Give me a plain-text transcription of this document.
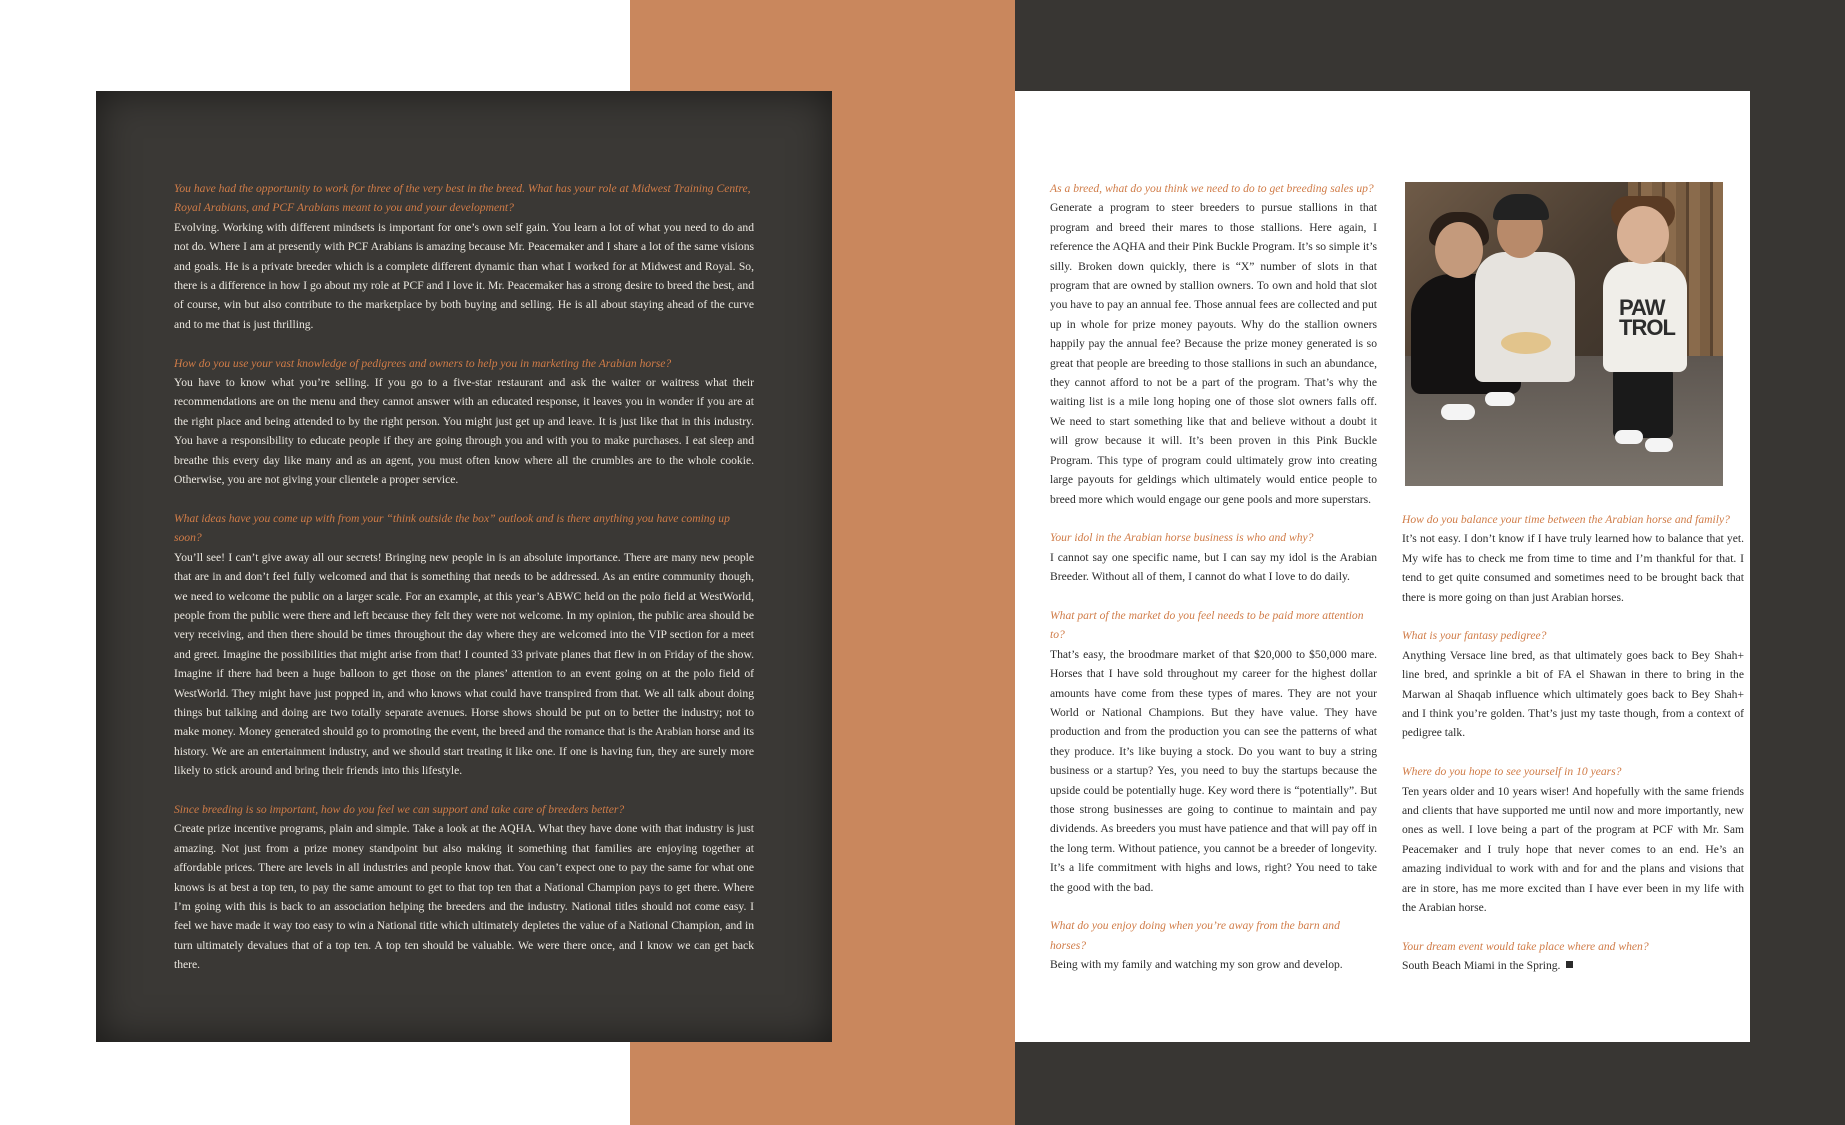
You have had the opportunity to work for three of the very best in the breed. What has your role at Midwest Training Centre, Royal Arabians, and PCF Arabians meant to you and your development?

Evolving. Working with different mindsets is important for one’s own self gain. You learn a lot of what you need to do and not do. Where I am at presently with PCF Arabians is amazing because Mr. Peacemaker and I share a lot of the same visions and goals. He is a private breeder which is a complete different dynamic than what I worked for at Midwest and Royal. So, there is a difference in how I go about my role at PCF and I love it. Mr. Peacemaker has a strong desire to breed the best, and of course, win but also contribute to the marketplace by both buying and selling. He is all about staying ahead of the curve and to me that is just thrilling.

How do you use your vast knowledge of pedigrees and owners to help you in marketing the Arabian horse?

You have to know what you’re selling. If you go to a five-star restaurant and ask the waiter or waitress what their recommendations are on the menu and they cannot answer with an educated response, it leaves you in wonder if you are at the right place and being attended to by the right person. You might just get up and leave. It is just like that in this industry. You have a responsibility to educate people if they are going through you and with you to make purchases. I eat sleep and breathe this every day like many and as an agent, you must often know where all the crumbles are to the whole cookie. Otherwise, you are not giving your clientele a proper service.

What ideas have you come up with from your “think outside the box” outlook and is there anything you have coming up soon?

You’ll see! I can’t give away all our secrets! Bringing new people in is an absolute importance. There are many new people that are in and don’t feel fully welcomed and that is something that needs to be addressed. As an entire community though, we need to welcome the public on a larger scale. For an example, at this year’s ABWC held on the polo field at WestWorld, people from the public were there and left because they felt they were not welcome. In my opinion, the public area should be very receiving, and then there should be times throughout the day where they are welcomed into the VIP section for a meet and greet. Imagine the possibilities that might arise from that! I counted 33 private planes that flew in on Friday of the show. Imagine if there had been a huge balloon to get those on the planes’ attention to an event going on at the polo field of WestWorld. They might have just popped in, and who knows what could have transpired from that. We all talk about doing things but talking and doing are two totally separate avenues. Horse shows should be put on to better the industry; not to make money. Money generated should go to promoting the event, the breed and the romance that is the Arabian horse and its history. We are an entertainment industry, and we should start treating it like one. If one is having fun, they are surely more likely to stick around and bring their friends into this lifestyle.

Since breeding is so important, how do you feel we can support and take care of breeders better?

Create prize incentive programs, plain and simple. Take a look at the AQHA. What they have done with that industry is just amazing. Not just from a prize money standpoint but also making it something that families are enjoying together at affordable prices. There are levels in all industries and people know that. You can’t expect one to pay the same for what one knows is at best a top ten, to pay the same amount to get to that top ten that a National Champion pays to get there. Where I’m going with this is back to an association helping the breeders and the industry. National titles should not come easy. I feel we have made it way too easy to win a National title which ultimately depletes the value of a National Champion, and in turn ultimately devalues that of a top ten. A top ten should be valuable. We were there once, and I know we can get back there.

As a breed, what do you think we need to do to get breeding sales up?

Generate a program to steer breeders to pursue stallions in that program and breed their mares to those stallions. Here again, I reference the AQHA and their Pink Buckle Program. It’s so simple it’s silly. Broken down quickly, there is “X” number of slots in that program that are owned by stallion owners. To own and hold that slot you have to pay an annual fee. Those annual fees are collected and put up in whole for prize money payouts. Why do the stallion owners happily pay the annual fee? Because the prize money generated is so great that people are breeding to those stallions in such an abundance, they cannot afford to not be a part of the program. That’s why the waiting list is a mile long hoping one of those slot owners falls off. We need to start something like that and believe without a doubt it will grow because it will. It’s been proven in this Pink Buckle Program. This type of program could ultimately grow into creating large payouts for geldings which ultimately would entice people to breed more which would engage our gene pools and more superstars.

Your idol in the Arabian horse business is who and why?

I cannot say one specific name, but I can say my idol is the Arabian Breeder. Without all of them, I cannot do what I love to do daily.

What part of the market do you feel needs to be paid more attention to?

That’s easy, the broodmare market of that $20,000 to $50,000 mare. Horses that I have sold throughout my career for the highest dollar amounts have come from these types of mares. They are not your World or National Champions. But they have value. They have production and from the production you can see the patterns of what they produce. It’s like buying a stock. Do you want to buy a string business or a startup? Yes, you need to buy the startups because the upside could be potentially huge. Key word there is “potentially”. But those strong businesses are going to continue to maintain and pay dividends. As breeders you must have patience and that will pay off in the long term. Without patience, you cannot be a breeder of longevity. It’s a life commitment with highs and lows, right? You need to take the good with the bad.

What do you enjoy doing when you’re away from the barn and horses?

Being with my family and watching my son grow and develop.

PAW
TROL

How do you balance your time between the Arabian horse and family?

It’s not easy. I don’t know if I have truly learned how to balance that yet. My wife has to check me from time to time and I’m thankful for that. I tend to get quite consumed and sometimes need to be brought back that there is more going on than just Arabian horses.

What is your fantasy pedigree?

Anything Versace line bred, as that ultimately goes back to Bey Shah+ line bred, and sprinkle a bit of FA el Shawan in there to bring in the Marwan al Shaqab influence which ultimately goes back to Bey Shah+ and I think you’re golden. That’s just my taste though, from a context of pedigree talk.

Where do you hope to see yourself in 10 years?

Ten years older and 10 years wiser! And hopefully with the same friends and clients that have supported me until now and more importantly, new ones as well. I love being a part of the program at PCF with Mr. Sam Peacemaker and I truly hope that never comes to an end. He’s an amazing individual to work with and for and the plans and visions that are in store, has me more excited than I have ever been in my life with the Arabian horse.

Your dream event would take place where and when?

South Beach Miami in the Spring.
